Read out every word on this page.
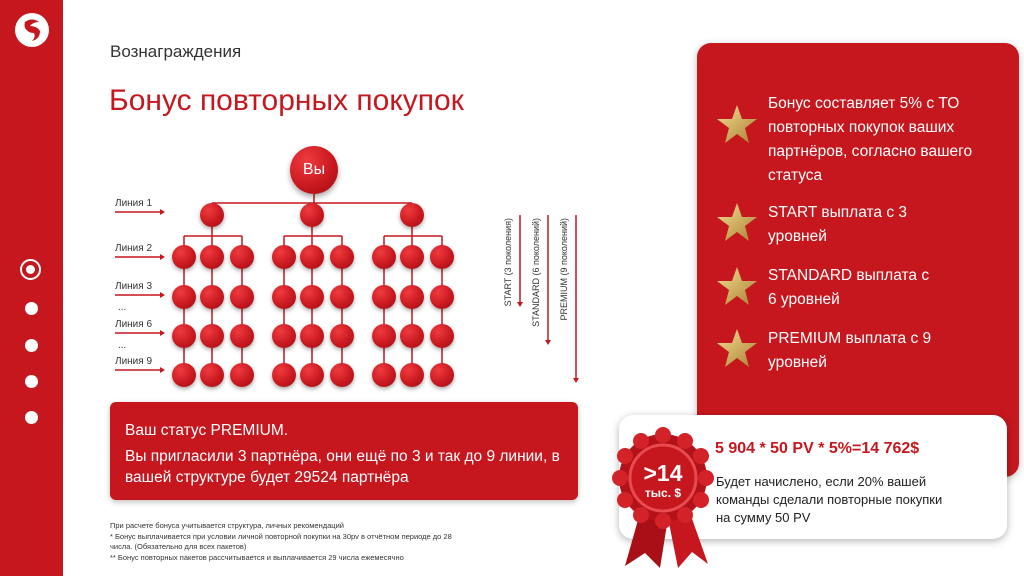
Вознаграждения
Бонус повторных покупок
Вы
Линия 1
Линия 2
Линия 3
...
Линия 6
...
Линия 9
START (3 поколения) STANDARD (6 поколений) PREMIUM (9 поколений)
Ваш статус PREMIUM.
Вы пригласили 3 партнёра, они ещё по 3 и так до 9 линии, в вашей структуре будет 29524 партнёра
При расчете бонуса учитывается структура, личных рекомендаций
* Бонус выплачивается при условии личной повторной покупки на 30pv в отчётном периоде до 28 числа. (Обязательно для всех пакетов)
** Бонус повторных пакетов рассчитывается и выплачивается 29 числа ежемесячно
Бонус составляет 5% с ТО повторных покупок ваших партнёров, согласно вашего статуса
START выплата с 3 уровней
STANDARD выплата с 6 уровней
PREMIUM выплата с 9 уровней
>14
тыс. $
5 904 * 50 PV * 5%=14 762$
Будет начислено, если 20% вашей команды сделали повторные покупки на сумму 50 PV
